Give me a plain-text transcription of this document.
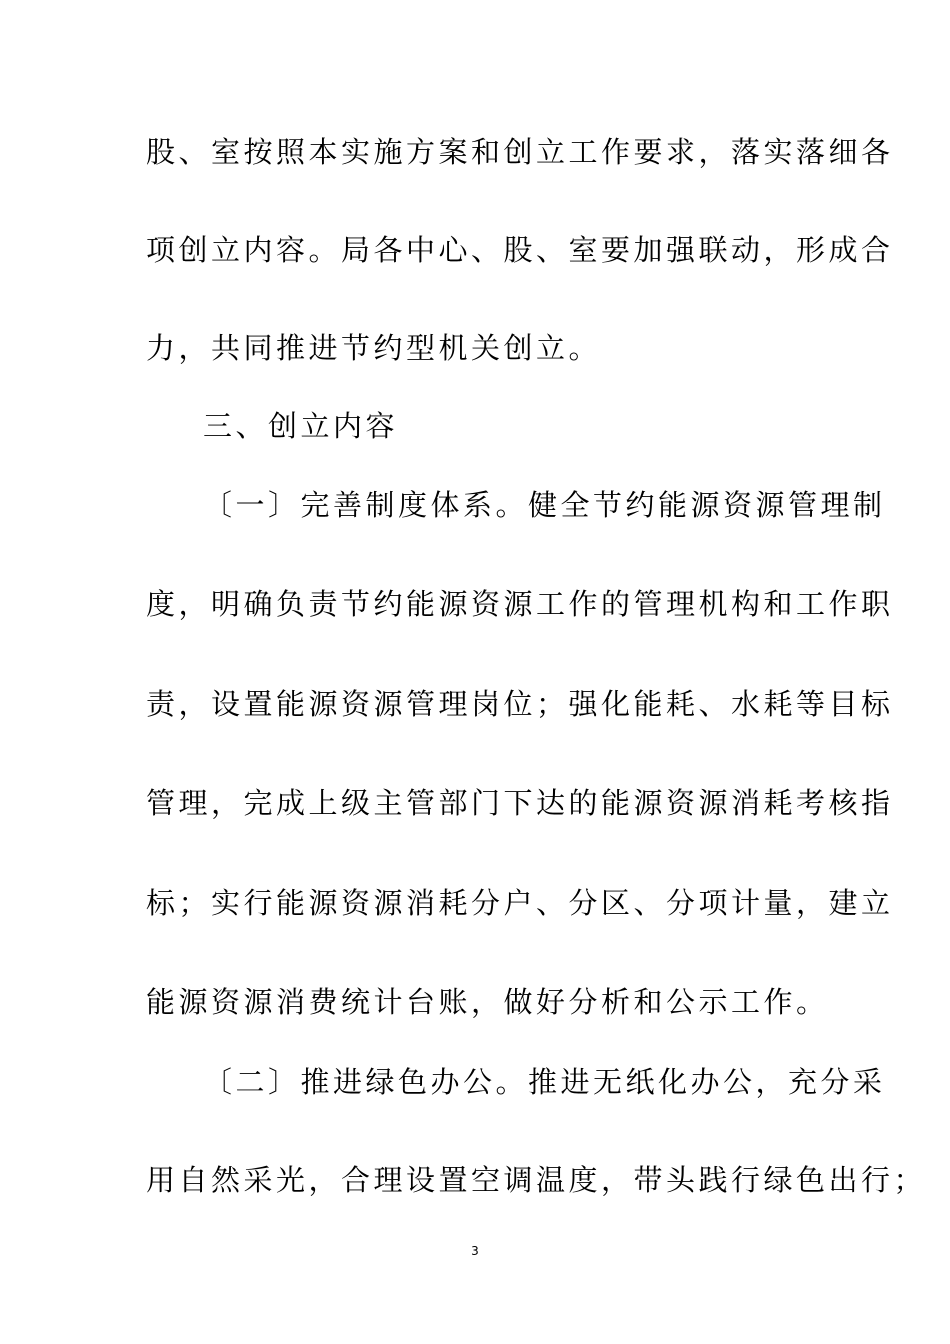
股、室按照本实施方案和创立工作要求，落实落细各
项创立内容。局各中心、股、室要加强联动，形成合
力，共同推进节约型机关创立。
三、创立内容
〔一〕完善制度体系。健全节约能源资源管理制
度，明确负责节约能源资源工作的管理机构和工作职
责，设置能源资源管理岗位；强化能耗、水耗等目标
管理，完成上级主管部门下达的能源资源消耗考核指
标；实行能源资源消耗分户、分区、分项计量，建立
能源资源消费统计台账，做好分析和公示工作。
〔二〕推进绿色办公。推进无纸化办公，充分采
用自然采光，合理设置空调温度，带头践行绿色出行；
3
